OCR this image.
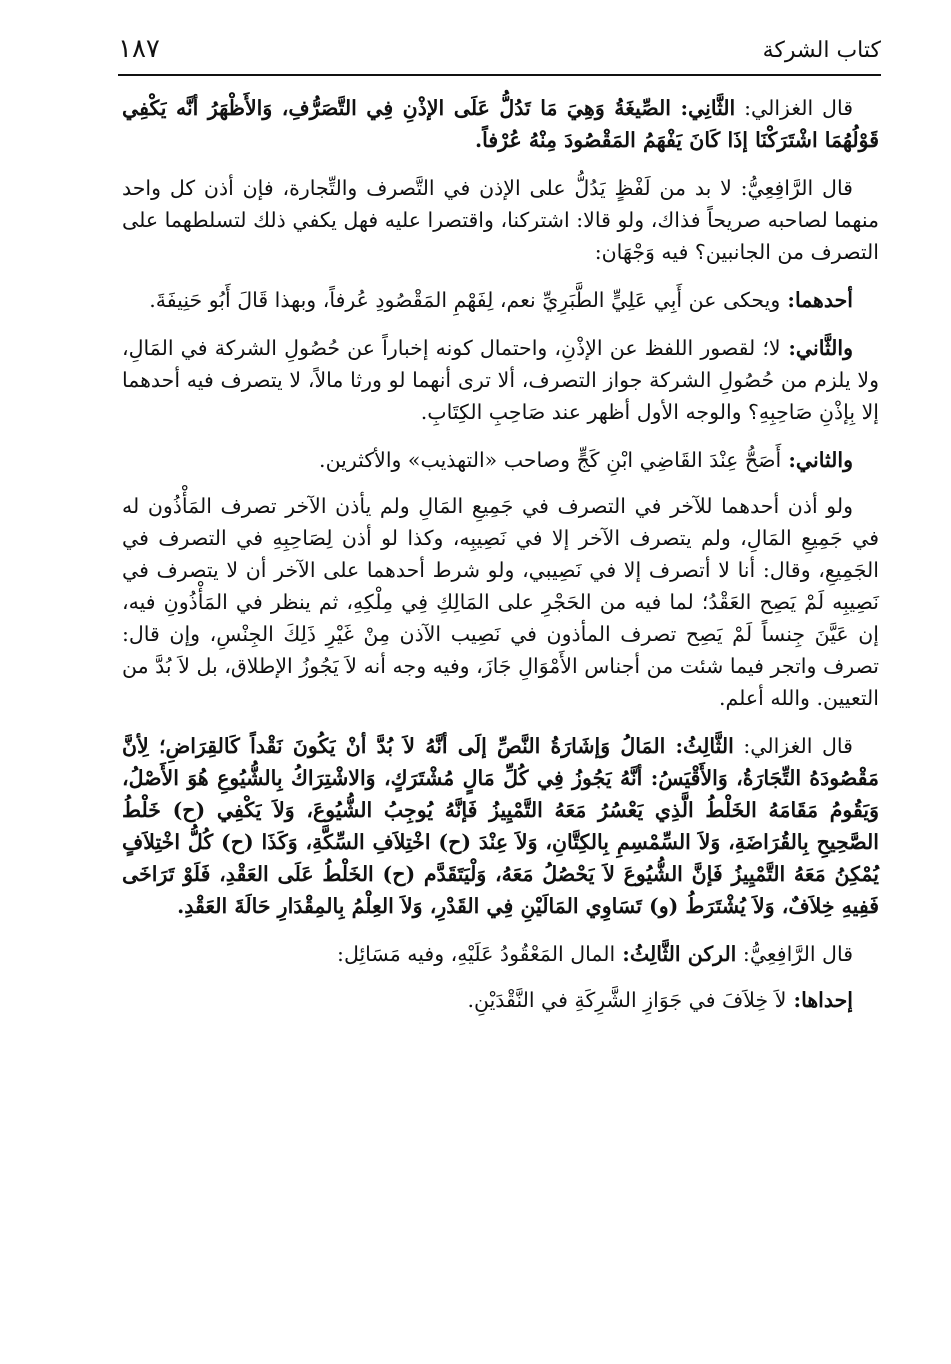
كتاب الشركة
١٨٧

قال الغزالي: الثَّانِي: الصِّيغَةُ وَهِيَ مَا تَدُلُّ عَلَى الإذْنِ فِي التَّصَرُّفِ، وَالأَظْهَرُ أنَّه يَكْفِي قَوْلُهُمَا اشْتَرَكْنَا إذَا كَانَ يَفْهَمُ المَقْصُودَ مِنْهُ عُرْفاً.

قال الرَّافِعِيُّ: لا بد من لَفْظٍ يَدُلُّ على الإذن في التَّصرف والتِّجارة، فإن أذن كل واحد منهما لصاحبه صريحاً فذاك، ولو قالا: اشتركنا، واقتصرا عليه فهل يكفي ذلك لتسلطهما على التصرف من الجانبين؟ فيه وَجْهَان:

أحدهما: ويحكى عن أَبِي عَلِيٍّ الطَّبَرِيِّ نعم، لِفَهْمِ المَقْصُودِ عُرفاً، وبهذا قَالَ أَبُو حَنِيفَةَ.

والثَّاني: لا؛ لقصور اللفظ عن الإذْنِ، واحتمال كونه إخباراً عن حُصُولِ الشركة في المَالِ، ولا يلزم من حُصُولِ الشركة جواز التصرف، ألا ترى أنهما لو ورثا مالاً، لا يتصرف فيه أحدهما إلا بِإذْنِ صَاحِبِهِ؟ والوجه الأول أظهر عند صَاحِبِ الكِتَابِ.

والثاني: أَصَحُّ عِنْدَ القَاضِي ابْنِ كَجٍّ وصاحب «التهذيب» والأكثرين.

ولو أذن أحدهما للآخر في التصرف في جَمِيعِ المَالِ ولم يأذن الآخر تصرف المَأْذُون له في جَمِيعِ المَالِ، ولم يتصرف الآخر إلا في نَصِيبِه، وكذا لو أذن لِصَاحِبِهِ في التصرف في الجَمِيعِ، وقال: أنا لا أتصرف إلا في نَصِيبي، ولو شرط أحدهما على الآخر أن لا يتصرف في نَصِيبِه لَمْ يَصِح العَقْدُ؛ لما فيه من الحَجْرِ على المَالِكِ فِي مِلْكِهِ، ثم ينظر في المَأْذُونِ فيه، إن عَيَّنَ جِنساً لَمْ يَصِح تصرف المأذون في نَصِيب الآذن مِنْ غَيْرِ ذَلِكَ الجِنْسِ، وإن قال: تصرف واتجر فيما شئت من أجناس الأَمْوَالِ جَازَ، وفيه وجه أنه لاَ يَجُوزُ الإطلاق، بل لاَ بُدَّ من التعيين. والله أعلم.

قال الغزالي: الثَّالِثُ: المَالُ وَإشَارَةُ النَّصِّ إلَى أنَّهُ لاَ بُدَّ أنْ يَكُونَ نَقْداً كَالقِرَاضِ؛ لِأنَّ مَقْصُودَهُ التِّجَارَةُ، وَالأَقْيَسُ: أنَّهُ يَجُوزُ فِي كُلِّ مَالٍ مُشْتَرَكٍ، وَالاشْتِرَاكُ بِالشُّيُوعِ هُوَ الأَصْلُ، وَيَقُومُ مَقَامَهُ الخَلْطُ الَّذِي يَعْسُرُ مَعَهُ التَّمْيِيزُ فَإنَّهُ يُوجِبُ الشُّيُوعَ، وَلاَ يَكْفِي (ح) خَلْطُ الصَّحِيحِ بِالقُرَاضَةِ، وَلاَ السِّمْسِمِ بِالكِتَّانِ، وَلاَ عِنْدَ (ح) اخْتِلاَفِ السِّكَّةِ، وَكَذَا (ح) كُلُّ اخْتِلاَفٍ يُمْكِنُ مَعَهُ التَّمْيِيزُ فَإنَّ الشُّيُوعَ لاَ يَحْصُلُ مَعَهُ، وَلْيَتَقَدَّم (ح) الخَلْطُ عَلَى العَقْدِ، فَلَوْ تَرَاخَى فَفِيهِ خِلاَفٌ، وَلاَ يُشْتَرَطُ (و) تَسَاوِي المَالَيْنِ فِي القَدْرِ، وَلاَ العِلْمُ بِالمِقْدَارِ حَالَةَ العَقْدِ.

قال الرَّافِعِيُّ: الركن الثَّالِثُ: المال المَعْقُودُ عَلَيْهِ، وفيه مَسَائِل:

إحداها: لاَ خِلاَفَ في جَوَازِ الشَّرِكَةِ في النَّقْدَيْنِ.
